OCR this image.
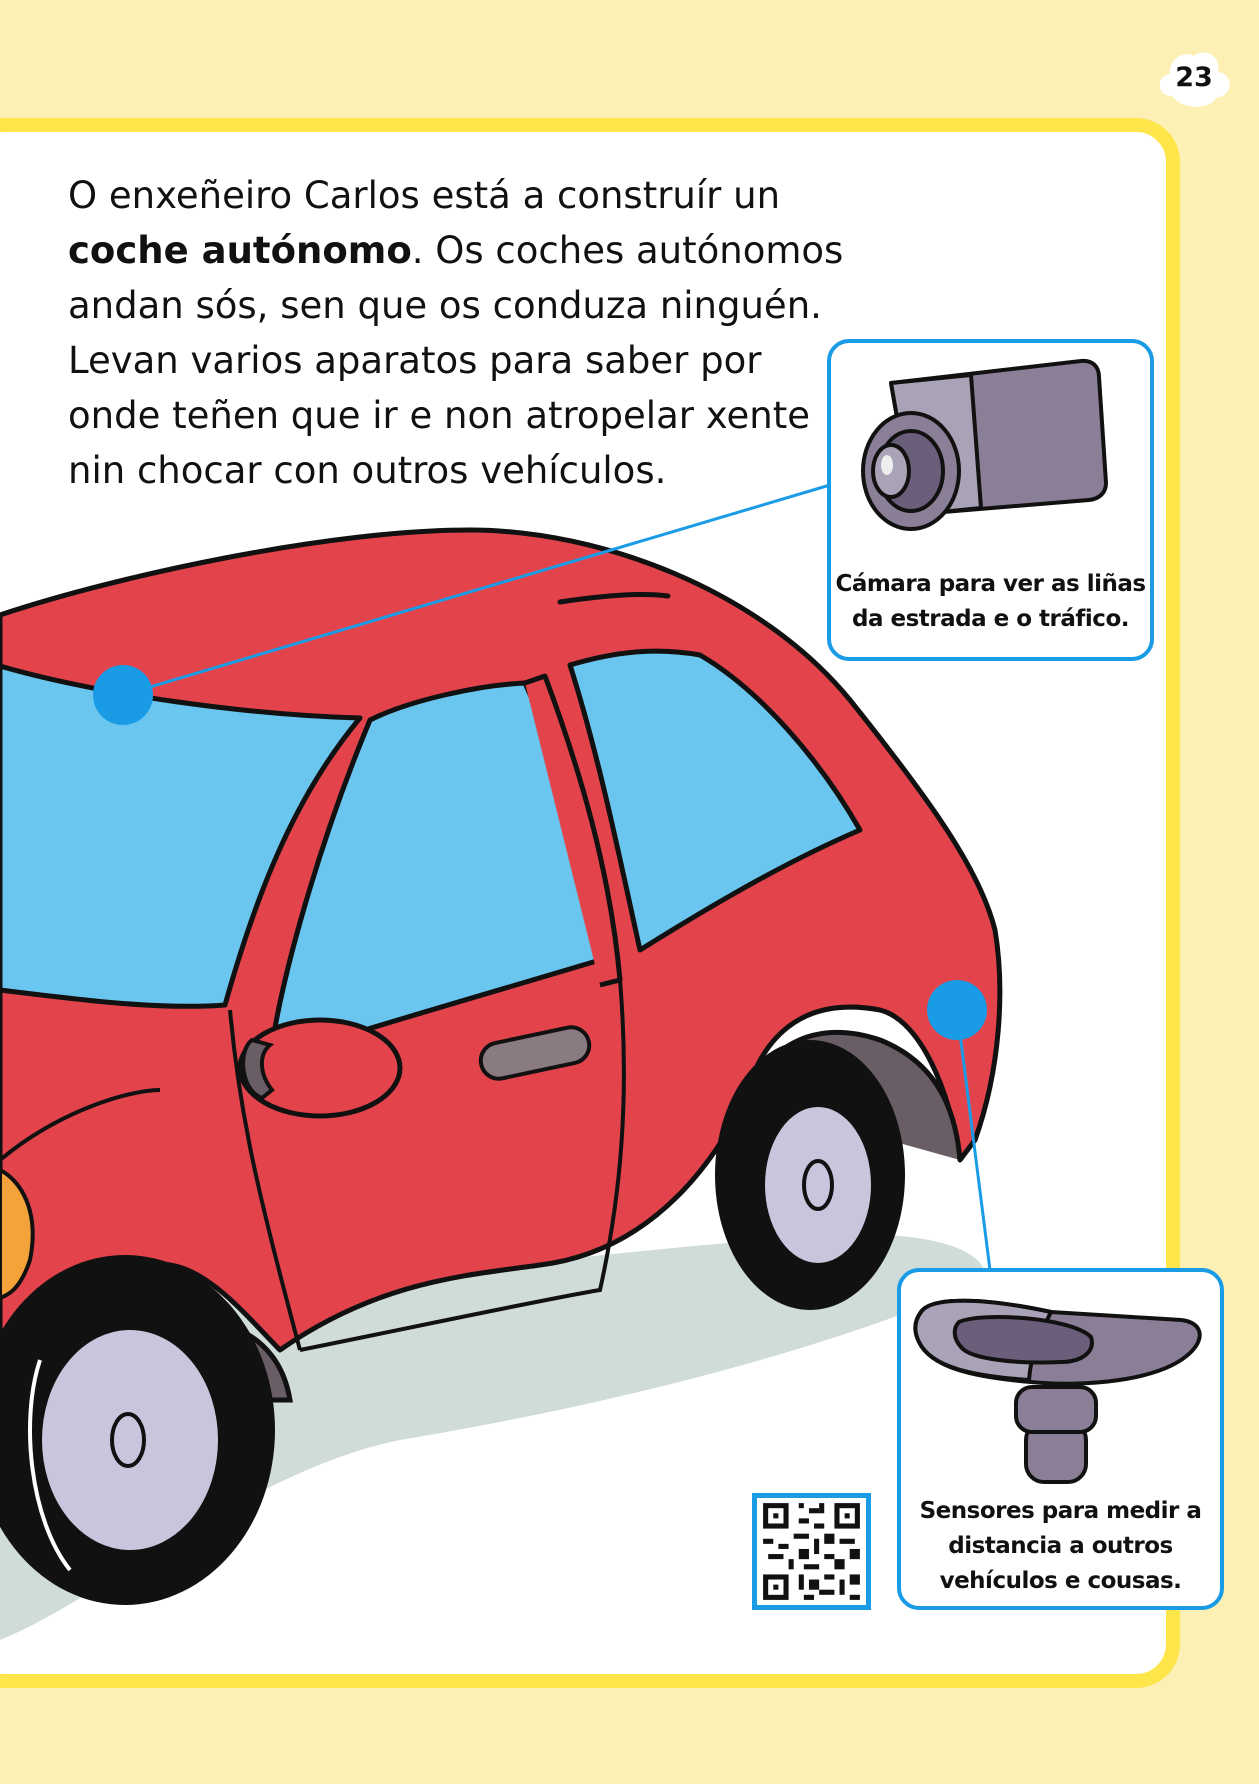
23

O enxeñeiro Carlos está a construír un coche autónomo. Os coches autónomos andan sós, sen que os conduza ninguén. Levan varios aparatos para saber por onde teñen que ir e non atropelar xente nin chocar con outros vehículos.

Cámara para ver as liñas
da estrada e o tráfico.
Sensores para medir a
distancia a outros
vehículos e cousas.
